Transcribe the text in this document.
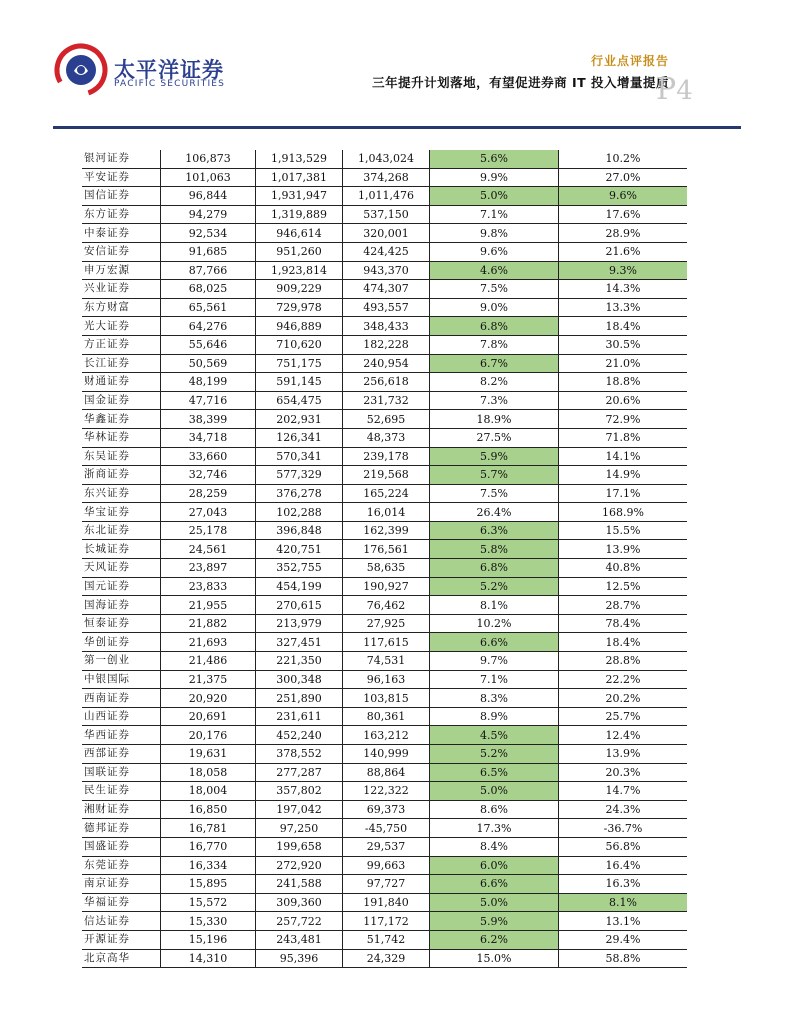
太平洋证券
PACIFIC SECURITIES
行业点评报告
三年提升计划落地，有望促进券商 IT 投入增量提质
P4
银河证券	106,873	1,913,529	1,043,024	5.6%	10.2%
平安证券	101,063	1,017,381	374,268	9.9%	27.0%
国信证券	96,844	1,931,947	1,011,476	5.0%	9.6%
东方证券	94,279	1,319,889	537,150	7.1%	17.6%
中泰证券	92,534	946,614	320,001	9.8%	28.9%
安信证券	91,685	951,260	424,425	9.6%	21.6%
申万宏源	87,766	1,923,814	943,370	4.6%	9.3%
兴业证券	68,025	909,229	474,307	7.5%	14.3%
东方财富	65,561	729,978	493,557	9.0%	13.3%
光大证券	64,276	946,889	348,433	6.8%	18.4%
方正证券	55,646	710,620	182,228	7.8%	30.5%
长江证券	50,569	751,175	240,954	6.7%	21.0%
财通证券	48,199	591,145	256,618	8.2%	18.8%
国金证券	47,716	654,475	231,732	7.3%	20.6%
华鑫证券	38,399	202,931	52,695	18.9%	72.9%
华林证券	34,718	126,341	48,373	27.5%	71.8%
东吴证券	33,660	570,341	239,178	5.9%	14.1%
浙商证券	32,746	577,329	219,568	5.7%	14.9%
东兴证券	28,259	376,278	165,224	7.5%	17.1%
华宝证券	27,043	102,288	16,014	26.4%	168.9%
东北证券	25,178	396,848	162,399	6.3%	15.5%
长城证券	24,561	420,751	176,561	5.8%	13.9%
天风证券	23,897	352,755	58,635	6.8%	40.8%
国元证券	23,833	454,199	190,927	5.2%	12.5%
国海证券	21,955	270,615	76,462	8.1%	28.7%
恒泰证券	21,882	213,979	27,925	10.2%	78.4%
华创证券	21,693	327,451	117,615	6.6%	18.4%
第一创业	21,486	221,350	74,531	9.7%	28.8%
中银国际	21,375	300,348	96,163	7.1%	22.2%
西南证券	20,920	251,890	103,815	8.3%	20.2%
山西证券	20,691	231,611	80,361	8.9%	25.7%
华西证券	20,176	452,240	163,212	4.5%	12.4%
西部证券	19,631	378,552	140,999	5.2%	13.9%
国联证券	18,058	277,287	88,864	6.5%	20.3%
民生证券	18,004	357,802	122,322	5.0%	14.7%
湘财证券	16,850	197,042	69,373	8.6%	24.3%
德邦证券	16,781	97,250	-45,750	17.3%	-36.7%
国盛证券	16,770	199,658	29,537	8.4%	56.8%
东莞证券	16,334	272,920	99,663	6.0%	16.4%
南京证券	15,895	241,588	97,727	6.6%	16.3%
华福证券	15,572	309,360	191,840	5.0%	8.1%
信达证券	15,330	257,722	117,172	5.9%	13.1%
开源证券	15,196	243,481	51,742	6.2%	29.4%
北京高华	14,310	95,396	24,329	15.0%	58.8%
